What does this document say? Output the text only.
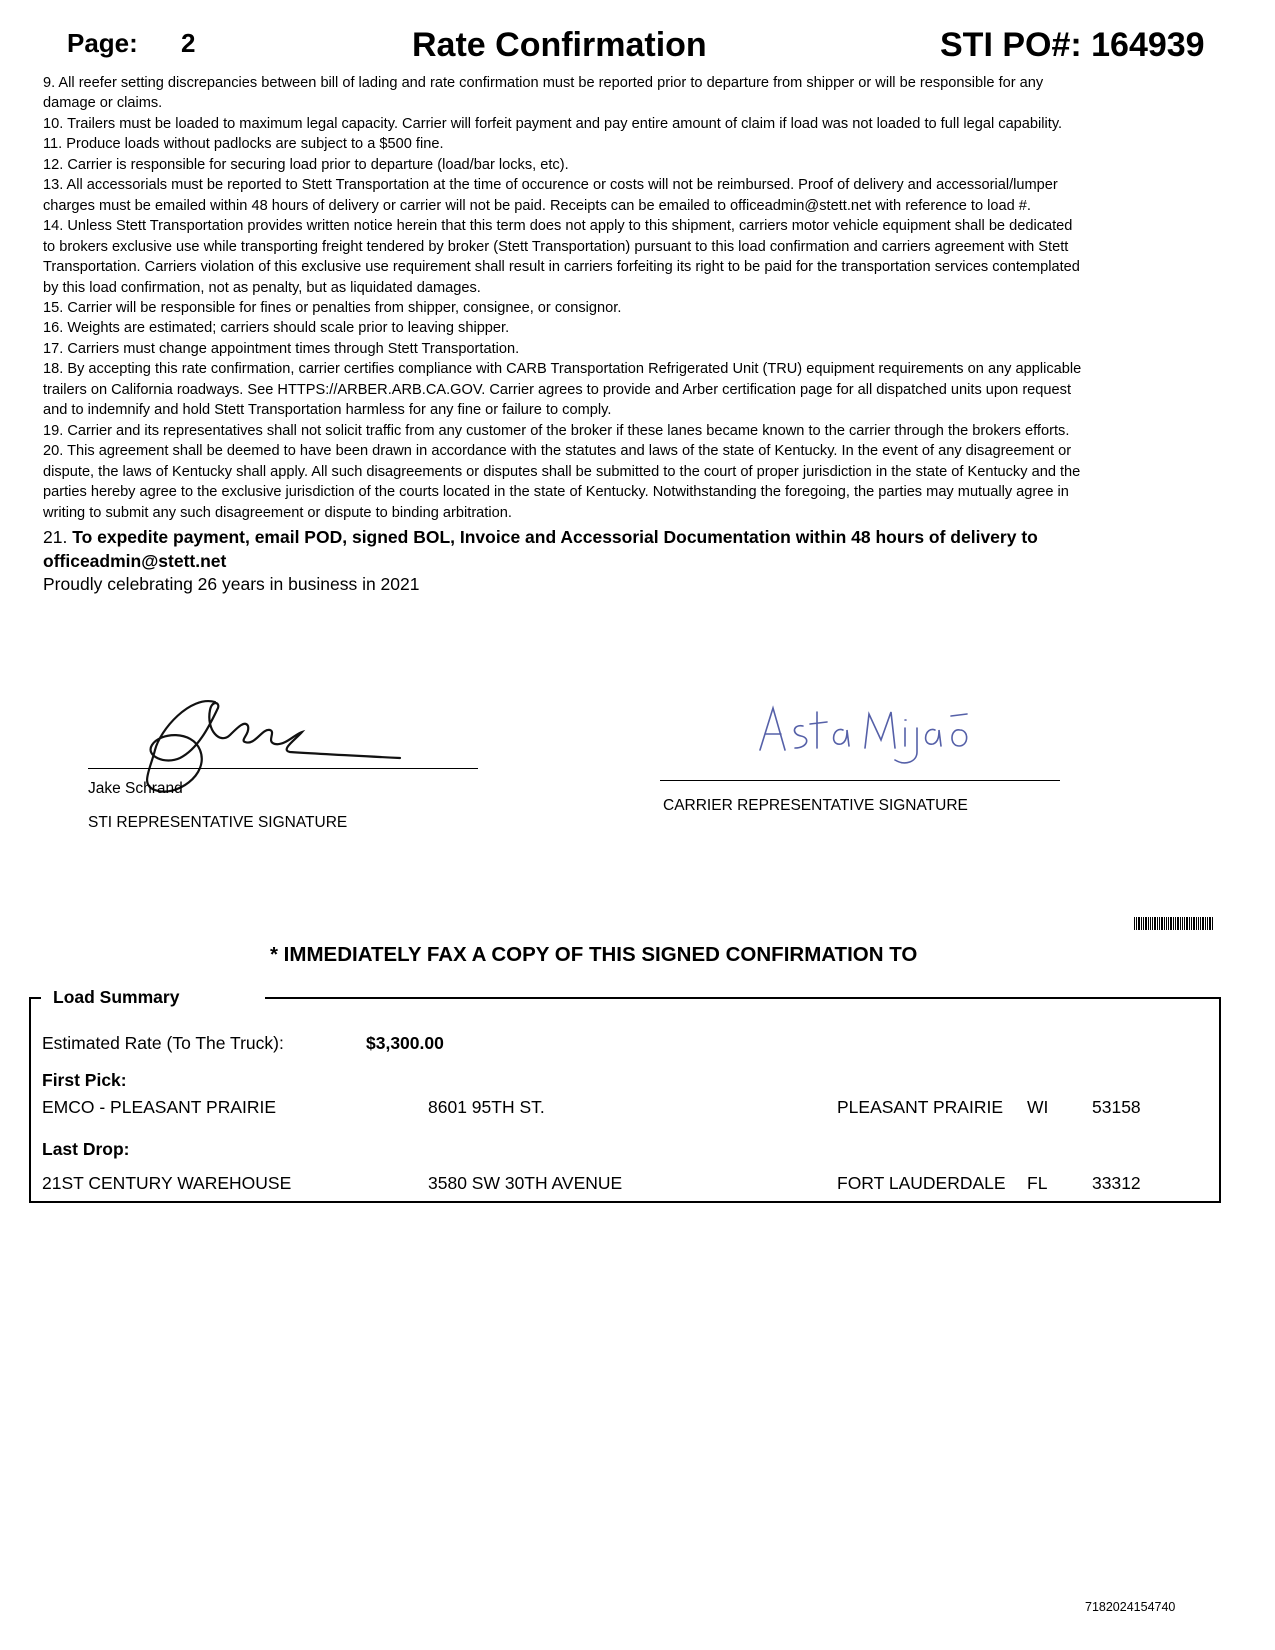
Page: 2	Rate Confirmation	STI PO#: 164939

9. All reefer setting discrepancies between bill of lading and rate confirmation must be reported prior to departure from shipper or will be responsible for any damage or claims.

10. Trailers must be loaded to maximum legal capacity. Carrier will forfeit payment and pay entire amount of claim if load was not loaded to full legal capability.

11. Produce loads without padlocks are subject to a $500 fine.

12. Carrier is responsible for securing load prior to departure (load/bar locks, etc).

13. All accessorials must be reported to Stett Transportation at the time of occurence or costs will not be reimbursed. Proof of delivery and accessorial/lumper charges must be emailed within 48 hours of delivery or carrier will not be paid. Receipts can be emailed to officeadmin@stett.net with reference to load #.

14. Unless Stett Transportation provides written notice herein that this term does not apply to this shipment, carriers motor vehicle equipment shall be dedicated to brokers exclusive use while transporting freight tendered by broker (Stett Transportation) pursuant to this load confirmation and carriers agreement with Stett Transportation. Carriers violation of this exclusive use requirement shall result in carriers forfeiting its right to be paid for the transportation services contemplated by this load confirmation, not as penalty, but as liquidated damages.

15. Carrier will be responsible for fines or penalties from shipper, consignee, or consignor.

16. Weights are estimated; carriers should scale prior to leaving shipper.

17. Carriers must change appointment times through Stett Transportation.

18. By accepting this rate confirmation, carrier certifies compliance with CARB Transportation Refrigerated Unit (TRU) equipment requirements on any applicable trailers on California roadways. See HTTPS://ARBER.ARB.CA.GOV. Carrier agrees to provide and Arber certification page for all dispatched units upon request and to indemnify and hold Stett Transportation harmless for any fine or failure to comply.

19. Carrier and its representatives shall not solicit traffic from any customer of the broker if these lanes became known to the carrier through the brokers efforts.

20. This agreement shall be deemed to have been drawn in accordance with the statutes and laws of the state of Kentucky. In the event of any disagreement or dispute, the laws of Kentucky shall apply. All such disagreements or disputes shall be submitted to the court of proper jurisdiction in the state of Kentucky and the parties hereby agree to the exclusive jurisdiction of the courts located in the state of Kentucky. Notwithstanding the foregoing, the parties may mutually agree in writing to submit any such disagreement or dispute to binding arbitration.

21. To expedite payment, email POD, signed BOL, Invoice and Accessorial Documentation within 48 hours of delivery to officeadmin@stett.net

Proudly celebrating 26 years in business in 2021

Jake Schrand
STI REPRESENTATIVE SIGNATURE
CARRIER REPRESENTATIVE SIGNATURE
* IMMEDIATELY FAX A COPY OF THIS SIGNED CONFIRMATION TO
Load Summary
Estimated Rate (To The Truck):	$3,300.00
First Pick:
EMCO - PLEASANT PRAIRIE	8601 95TH ST.	PLEASANT PRAIRIE	WI 53158
Last Drop:
21ST CENTURY WAREHOUSE	3580 SW 30TH AVENUE	FORT LAUDERDALE	FL	33312
7182024154740
